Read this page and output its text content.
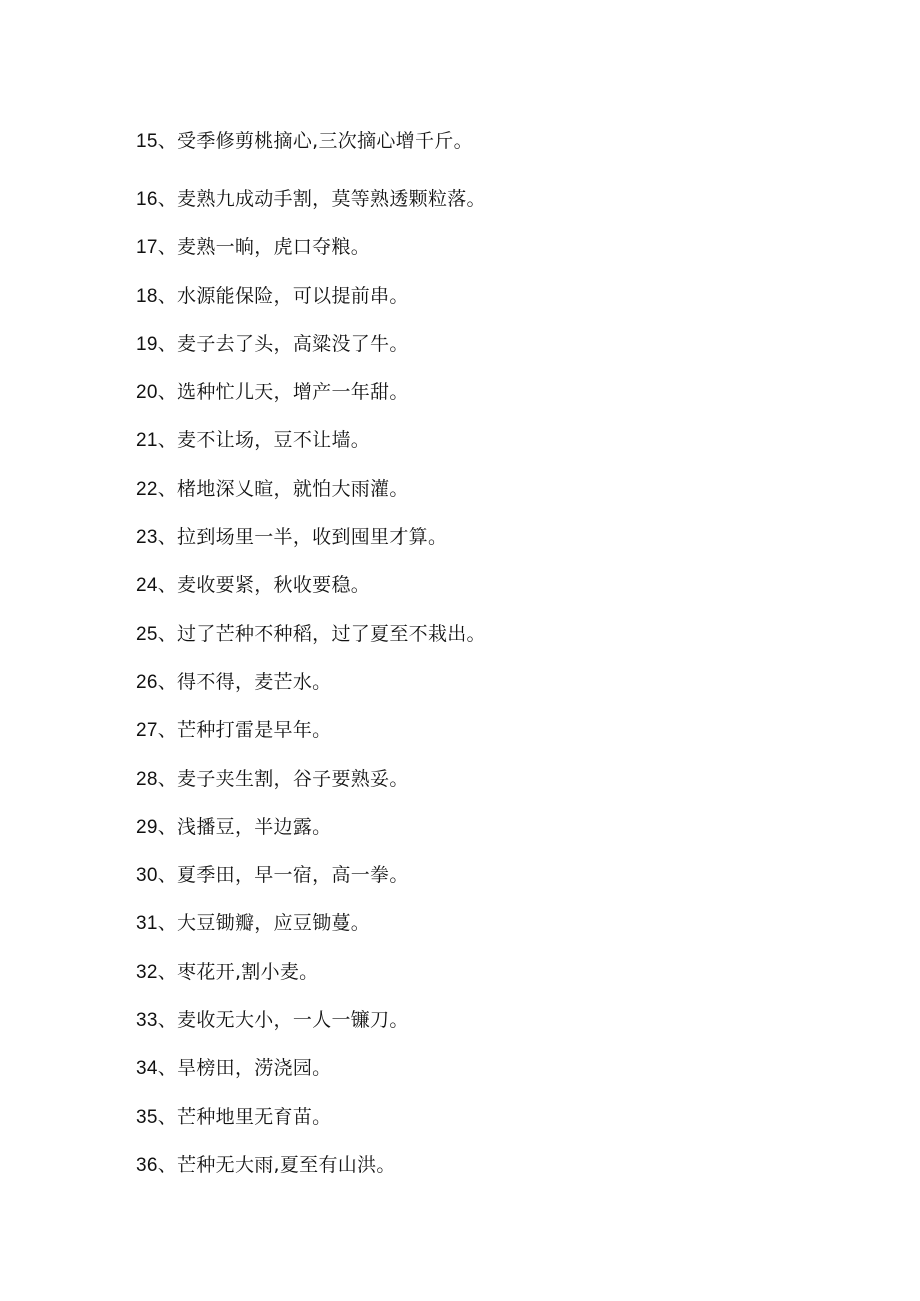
15、受季修剪桃摘心,三次摘心增千斤。
16、麦熟九成动手割，莫等熟透颗粒落。
17、麦熟一晌，虎口夺粮。
18、水源能保险，可以提前串。
19、麦子去了头，高粱没了牛。
20、选种忙儿天，增产一年甜。
21、麦不让场，豆不让墙。
22、楮地深乂暄，就怕大雨灌。
23、拉到场里一半，收到囤里才算。
24、麦收要紧，秋收要稳。
25、过了芒种不种稻，过了夏至不栽出。
26、得不得，麦芒水。
27、芒种打雷是早年。
28、麦子夹生割，谷子要熟妥。
29、浅播豆，半边露。
30、夏季田，早一宿，高一拳。
31、大豆锄瓣，应豆锄蔓。
32、枣花开,割小麦。
33、麦收无大小，一人一镰刀。
34、旱榜田，涝浇园。
35、芒种地里无育苗。
36、芒种无大雨,夏至有山洪。
